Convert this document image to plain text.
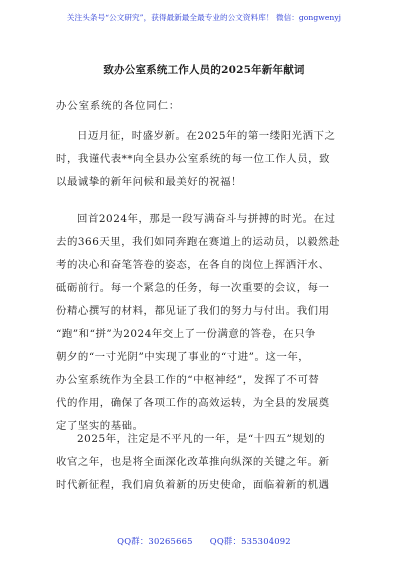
关注头条号“公文研究”，获得最新最全最专业的公文资料库！ 微信：gongwenyj
致办公室系统工作人员的2025年新年献词
办公室系统的各位同仁：
日迈月征，时盛岁新。在2025年的第一缕阳光洒下之
时，我谨代表**向全县办公室系统的每一位工作人员，致
以最诚挚的新年问候和最美好的祝福！
回首2024年，那是一段写满奋斗与拼搏的时光。在过
去的366天里，我们如同奔跑在赛道上的运动员，以毅然赴
考的决心和奋笔答卷的姿态，在各自的岗位上挥洒汗水、
砥砺前行。每一个紧急的任务，每一次重要的会议，每一
份精心撰写的材料，都见证了我们的努力与付出。我们用
“跑”和“拼”为2024年交上了一份满意的答卷，在只争
朝夕的“一寸光阴”中实现了事业的“寸进”。这一年，
办公室系统作为全县工作的“中枢神经”，发挥了不可替
代的作用，确保了各项工作的高效运转，为全县的发展奠
定了坚实的基础。
2025年，注定是不平凡的一年，是“十四五”规划的
收官之年，也是将全面深化改革推向纵深的关键之年。新
时代新征程，我们肩负着新的历史使命，面临着新的机遇
QQ群：30265665　　QQ群：535304092
